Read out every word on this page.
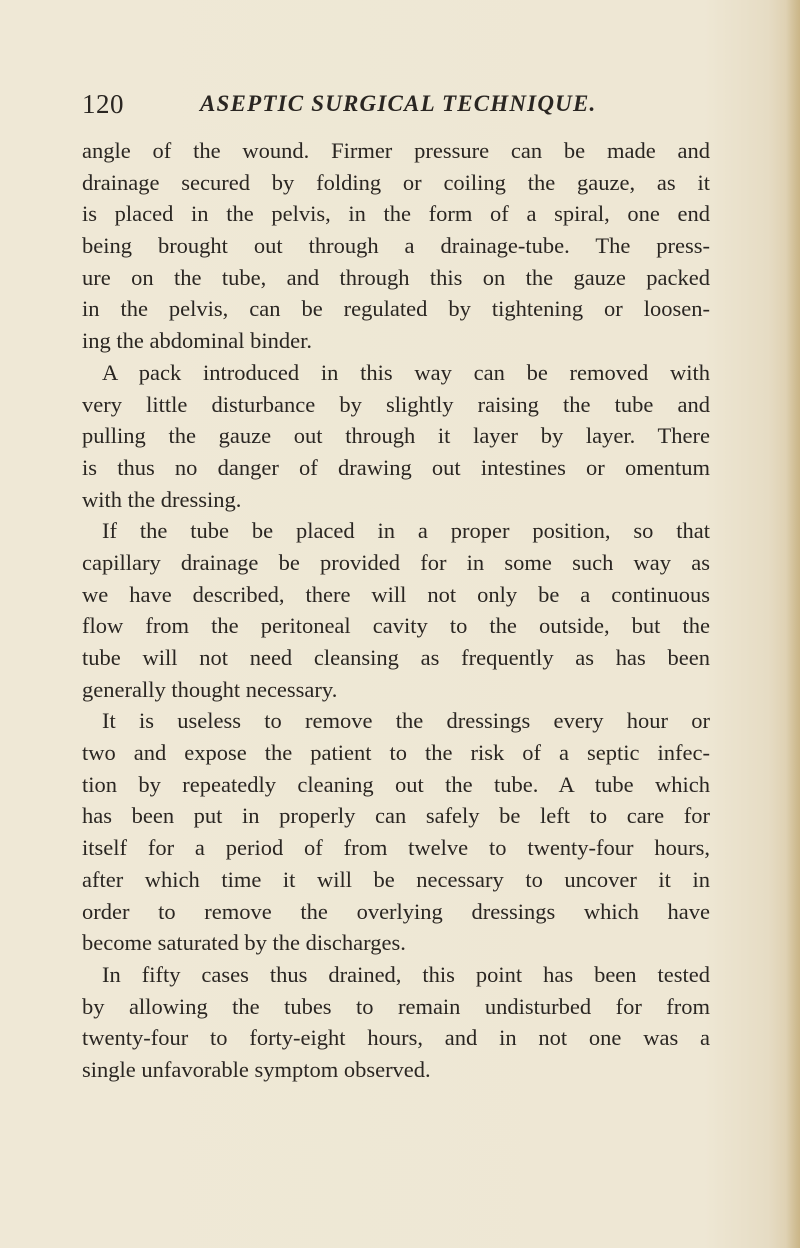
120	ASEPTIC SURGICAL TECHNIQUE.
angle of the wound. Firmer pressure can be made and
drainage secured by folding or coiling the gauze, as it
is placed in the pelvis, in the form of a spiral, one end
being brought out through a drainage-tube. The press-
ure on the tube, and through this on the gauze packed
in the pelvis, can be regulated by tightening or loosen-
ing the abdominal binder.
A pack introduced in this way can be removed with
very little disturbance by slightly raising the tube and
pulling the gauze out through it layer by layer. There
is thus no danger of drawing out intestines or omentum
with the dressing.
If the tube be placed in a proper position, so that
capillary drainage be provided for in some such way as
we have described, there will not only be a continuous
flow from the peritoneal cavity to the outside, but the
tube will not need cleansing as frequently as has been
generally thought necessary.
It is useless to remove the dressings every hour or
two and expose the patient to the risk of a septic infec-
tion by repeatedly cleaning out the tube. A tube which
has been put in properly can safely be left to care for
itself for a period of from twelve to twenty-four hours,
after which time it will be necessary to uncover it in
order to remove the overlying dressings which have
become saturated by the discharges.
In fifty cases thus drained, this point has been tested
by allowing the tubes to remain undisturbed for from
twenty-four to forty-eight hours, and in not one was a
single unfavorable symptom observed.
